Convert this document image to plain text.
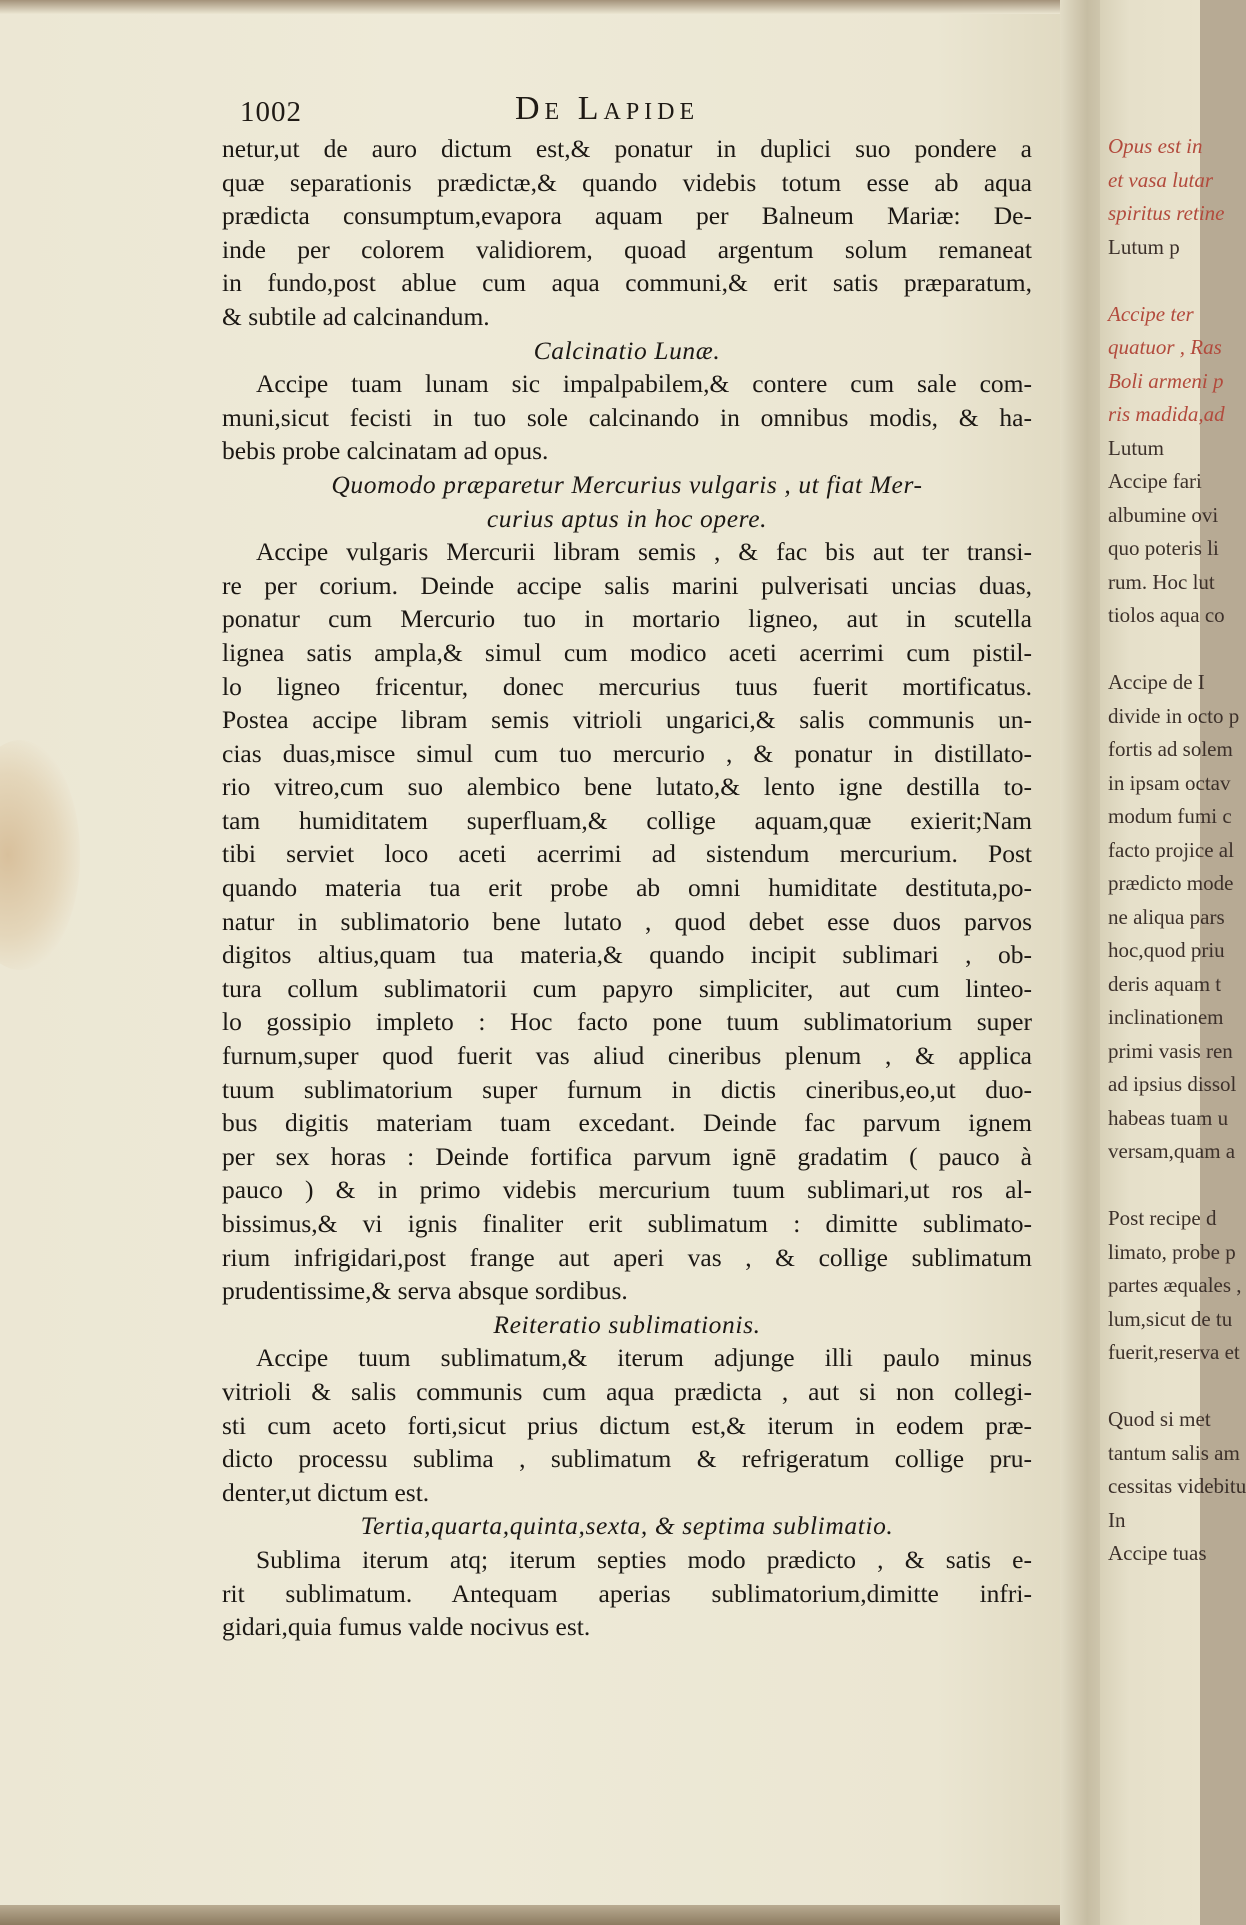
1002	De Lapide
netur,ut de auro dictum est,& ponatur in duplici suo pondere a
quæ separationis prædictæ,& quando videbis totum esse ab aqua
prædicta consumptum,evapora aquam per Balneum Mariæ: De-
inde per colorem validiorem, quoad argentum solum remaneat
in fundo,post ablue cum aqua communi,& erit satis præparatum,
& subtile ad calcinandum.
Calcinatio Lunæ.
Accipe tuam lunam sic impalpabilem,& contere cum sale com-
muni,sicut fecisti in tuo sole calcinando in omnibus modis, & ha-
bebis probe calcinatam ad opus.
Quomodo præparetur Mercurius vulgaris , ut fiat Mer-
curius aptus in hoc opere.
Accipe vulgaris Mercurii libram semis , & fac bis aut ter transi-
re per corium. Deinde accipe salis marini pulverisati uncias duas,
ponatur cum Mercurio tuo in mortario ligneo, aut in scutella
lignea satis ampla,& simul cum modico aceti acerrimi cum pistil-
lo ligneo fricentur, donec mercurius tuus fuerit mortificatus.
Postea accipe libram semis vitrioli ungarici,& salis communis un-
cias duas,misce simul cum tuo mercurio , & ponatur in distillato-
rio vitreo,cum suo alembico bene lutato,& lento igne destilla to-
tam humiditatem superfluam,& collige aquam,quæ exierit;Nam
tibi serviet loco aceti acerrimi ad sistendum mercurium. Post
quando materia tua erit probe ab omni humiditate destituta,po-
natur in sublimatorio bene lutato , quod debet esse duos parvos
digitos altius,quam tua materia,& quando incipit sublimari , ob-
tura collum sublimatorii cum papyro simpliciter, aut cum linteo-
lo gossipio impleto : Hoc facto pone tuum sublimatorium super
furnum,super quod fuerit vas aliud cineribus plenum , & applica
tuum sublimatorium super furnum in dictis cineribus,eo,ut duo-
bus digitis materiam tuam excedant. Deinde fac parvum ignem
per sex horas : Deinde fortifica parvum ignē gradatim ( pauco à
pauco ) & in primo videbis mercurium tuum sublimari,ut ros al-
bissimus,& vi ignis finaliter erit sublimatum : dimitte sublimato-
rium infrigidari,post frange aut aperi vas , & collige sublimatum
prudentissime,& serva absque sordibus.
Reiteratio sublimationis.
Accipe tuum sublimatum,& iterum adjunge illi paulo minus
vitrioli & salis communis cum aqua prædicta , aut si non collegi-
sti cum aceto forti,sicut prius dictum est,& iterum in eodem præ-
dicto processu sublima , sublimatum & refrigeratum collige pru-
denter,ut dictum est.
Tertia,quarta,quinta,sexta, & septima sublimatio.
Sublima iterum atq; iterum septies modo prædicto , & satis e-
rit sublimatum. Antequam aperias sublimatorium,dimitte infri-
gidari,quia fumus valde nocivus est.
Opus est in
et vasa lutar
spiritus retine
Lutum p
Accipe ter
quatuor , Ras
Boli armeni p
ris madida,ad
Lutum
Accipe fari
albumine ovi
quo poteris li
rum. Hoc lut
tiolos aqua co
Accipe de I
divide in octo p
fortis ad solem
in ipsam octav
modum fumi c
facto projice al
prædicto mode
ne aliqua pars
hoc,quod priu
deris aquam t
inclinationem
primi vasis ren
ad ipsius dissol
habeas tuam u
versam,quam a
Post recipe d
limato, probe p
partes æquales ,
lum,sicut de tu
fuerit,reserva et
Quod si met
tantum salis am
cessitas videbitu
In
Accipe tuas
